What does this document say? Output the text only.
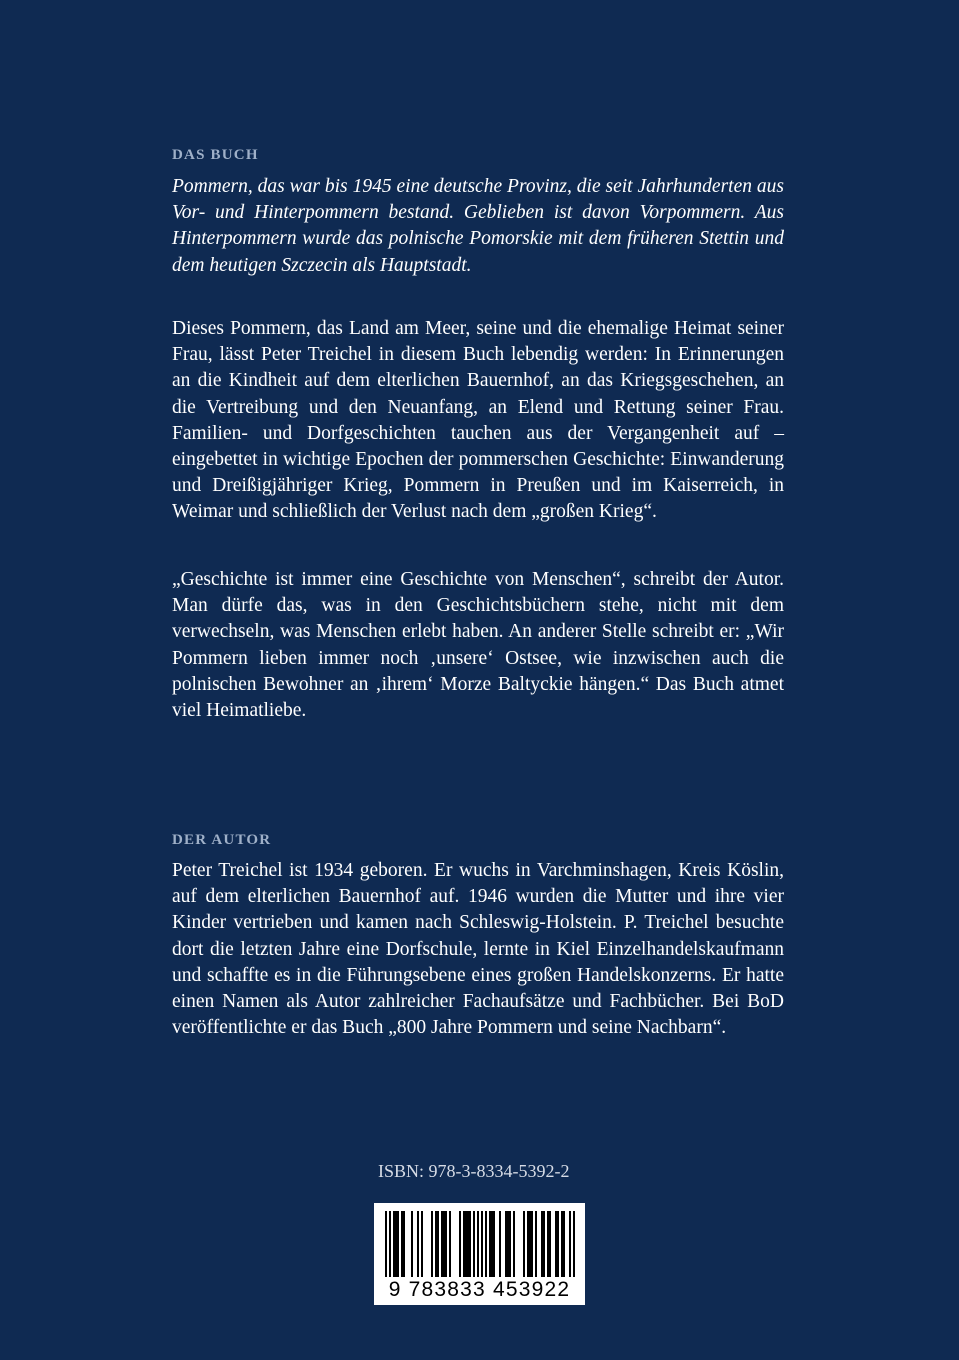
DAS BUCH
Pommern, das war bis 1945 eine deutsche Provinz, die seit Jahrhunderten aus Vor- und Hinterpommern bestand. Geblieben ist davon Vorpommern. Aus Hinterpommern wurde das polnische Pomorskie mit dem früheren Stettin und dem heutigen Szczecin als Hauptstadt.
Dieses Pommern, das Land am Meer, seine und die ehemalige Heimat seiner Frau, lässt Peter Treichel in diesem Buch lebendig werden: In Erinnerungen an die Kindheit auf dem elterlichen Bauernhof, an das Kriegsgeschehen, an die Vertreibung und den Neuanfang, an Elend und Rettung seiner Frau. Familien- und Dorfgeschichten tauchen aus der Vergangenheit auf – eingebettet in wichtige Epochen der pommerschen Geschichte: Einwanderung und Dreißigjähriger Krieg, Pommern in Preußen und im Kaiserreich, in Weimar und schließlich der Verlust nach dem „großen Krieg“.
„Geschichte ist immer eine Geschichte von Menschen“, schreibt der Autor. Man dürfe das, was in den Geschichtsbüchern stehe, nicht mit dem verwechseln, was Menschen erlebt haben. An anderer Stelle schreibt er: „Wir Pommern lieben immer noch ‚unsere‘ Ostsee, wie inzwischen auch die polnischen Bewohner an ‚ihrem‘ Morze Baltyckie hängen.“ Das Buch atmet viel Heimatliebe.
DER AUTOR
Peter Treichel ist 1934 geboren. Er wuchs in Varchminshagen, Kreis Köslin, auf dem elterlichen Bauernhof auf. 1946 wurden die Mutter und ihre vier Kinder vertrieben und kamen nach Schleswig-Holstein. P. Treichel besuchte dort die letzten Jahre eine Dorfschule, lernte in Kiel Einzelhandelskaufmann und schaffte es in die Führungsebene eines großen Handelskonzerns. Er hatte einen Namen als Autor zahlreicher Fachaufsätze und Fachbücher. Bei BoD veröffentlichte er das Buch „800 Jahre Pommern und seine Nachbarn“.
ISBN: 978-3-8334-5392-2
9 783833 453922
